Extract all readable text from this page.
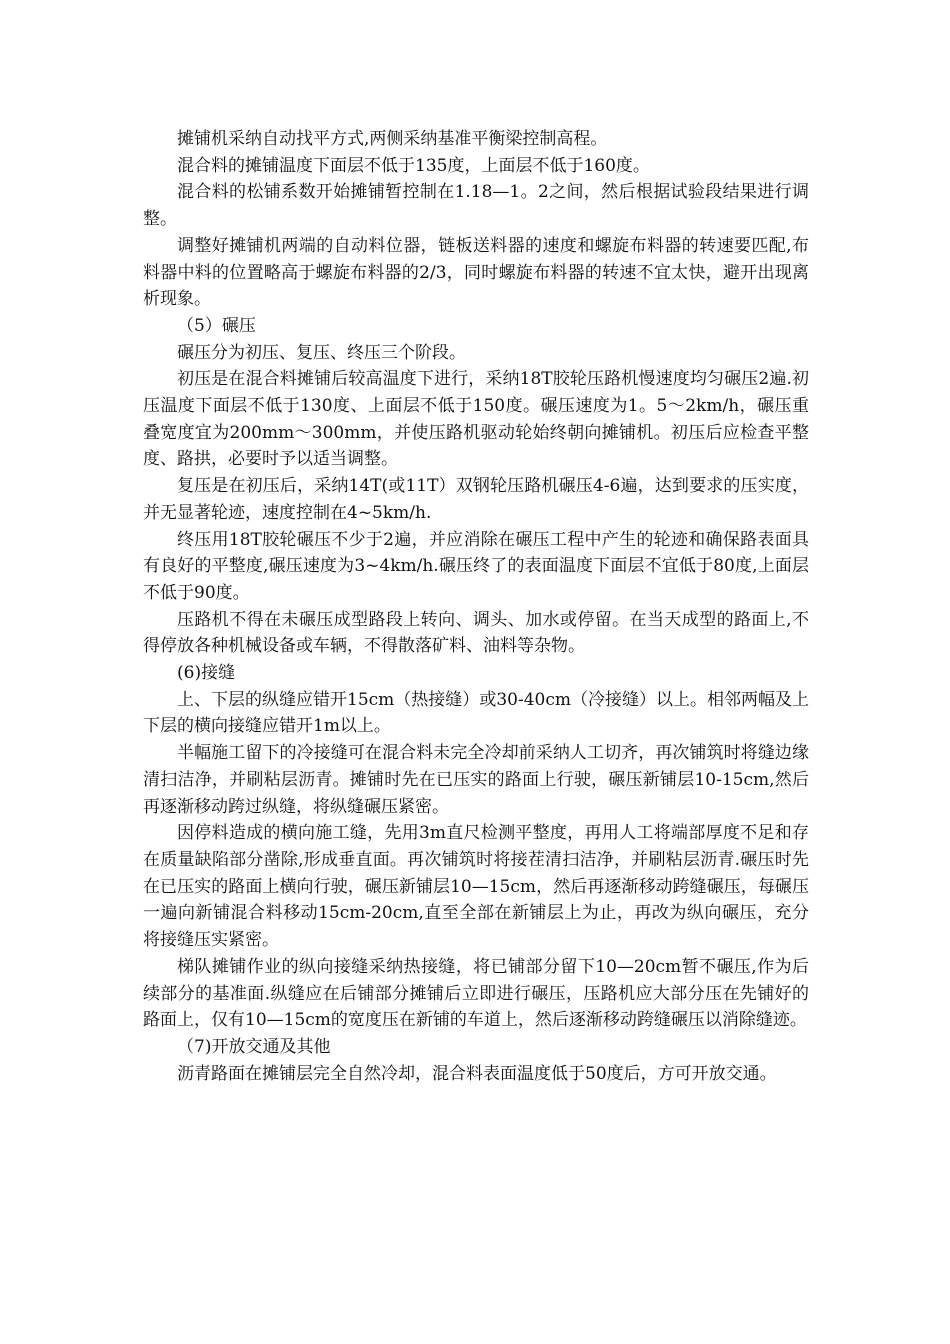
摊铺机采纳自动找平方式,两侧采纳基准平衡梁控制高程。

混合料的摊铺温度下面层不低于135度，上面层不低于160度。

混合料的松铺系数开始摊铺暂控制在1.18—1。2之间，然后根据试验段结果进行调整。

调整好摊铺机两端的自动料位器，链板送料器的速度和螺旋布料器的转速要匹配,布料器中料的位置略高于螺旋布料器的2/3，同时螺旋布料器的转速不宜太快，避开出现离析现象。

（5）碾压

碾压分为初压、复压、终压三个阶段。

初压是在混合料摊铺后较高温度下进行，采纳18T胶轮压路机慢速度均匀碾压2遍.初压温度下面层不低于130度、上面层不低于150度。碾压速度为1。5～2km/h，碾压重叠宽度宜为200mm～300mm，并使压路机驱动轮始终朝向摊铺机。初压后应检查平整度、路拱，必要时予以适当调整。

复压是在初压后，采纳14T(或11T）双钢轮压路机碾压4-6遍，达到要求的压实度，并无显著轮迹，速度控制在4~5km/h.

终压用18T胶轮碾压不少于2遍，并应消除在碾压工程中产生的轮迹和确保路表面具有良好的平整度,碾压速度为3~4km/h.碾压终了的表面温度下面层不宜低于80度,上面层不低于90度。

压路机不得在未碾压成型路段上转向、调头、加水或停留。在当天成型的路面上,不得停放各种机械设备或车辆，不得散落矿料、油料等杂物。

(6)接缝

上、下层的纵缝应错开15cm（热接缝）或30-40cm（冷接缝）以上。相邻两幅及上下层的横向接缝应错开1m以上。

半幅施工留下的冷接缝可在混合料未完全冷却前采纳人工切齐，再次铺筑时将缝边缘清扫洁净，并刷粘层沥青。摊铺时先在已压实的路面上行驶，碾压新铺层10-15cm,然后再逐渐移动跨过纵缝，将纵缝碾压紧密。

因停料造成的横向施工缝，先用3m直尺检测平整度，再用人工将端部厚度不足和存在质量缺陷部分凿除,形成垂直面。再次铺筑时将接茬清扫洁净，并刷粘层沥青.碾压时先在已压实的路面上横向行驶，碾压新铺层10—15cm，然后再逐渐移动跨缝碾压，每碾压一遍向新铺混合料移动15cm-20cm,直至全部在新铺层上为止，再改为纵向碾压，充分将接缝压实紧密。

梯队摊铺作业的纵向接缝采纳热接缝，将已铺部分留下10—20cm暂不碾压,作为后续部分的基准面.纵缝应在后铺部分摊铺后立即进行碾压，压路机应大部分压在先铺好的路面上，仅有10—15cm的宽度压在新铺的车道上，然后逐渐移动跨缝碾压以消除缝迹。

（7)开放交通及其他

沥青路面在摊铺层完全自然冷却，混合料表面温度低于50度后，方可开放交通。
